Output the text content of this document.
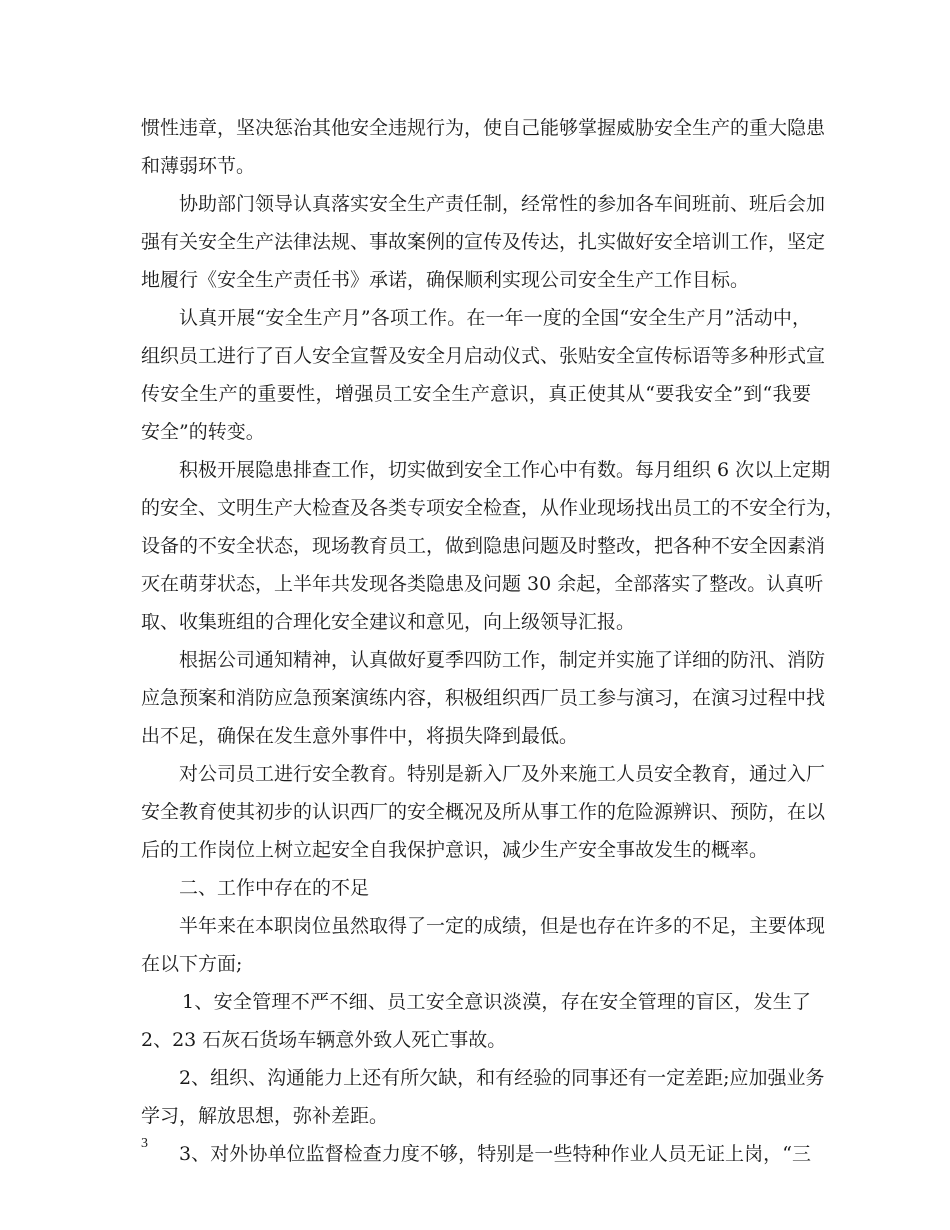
惯性违章，坚决惩治其他安全违规行为，使自己能够掌握威胁安全生产的重大隐患
和薄弱环节。
协助部门领导认真落实安全生产责任制，经常性的参加各车间班前、班后会加
强有关安全生产法律法规、事故案例的宣传及传达，扎实做好安全培训工作，坚定
地履行《安全生产责任书》承诺，确保顺利实现公司安全生产工作目标。
认真开展“安全生产月”各项工作。在一年一度的全国“安全生产月”活动中，
组织员工进行了百人安全宣誓及安全月启动仪式、张贴安全宣传标语等多种形式宣
传安全生产的重要性，增强员工安全生产意识，真正使其从“要我安全”到“我要
安全”的转变。
积极开展隐患排查工作，切实做到安全工作心中有数。每月组织 6 次以上定期
的安全、文明生产大检查及各类专项安全检查，从作业现场找出员工的不安全行为，
设备的不安全状态，现场教育员工，做到隐患问题及时整改，把各种不安全因素消
灭在萌芽状态，上半年共发现各类隐患及问题 30 余起，全部落实了整改。认真听
取、收集班组的合理化安全建议和意见，向上级领导汇报。
根据公司通知精神，认真做好夏季四防工作，制定并实施了详细的防汛、消防
应急预案和消防应急预案演练内容，积极组织西厂员工参与演习，在演习过程中找
出不足，确保在发生意外事件中，将损失降到最低。
对公司员工进行安全教育。特别是新入厂及外来施工人员安全教育，通过入厂
安全教育使其初步的认识西厂的安全概况及所从事工作的危险源辨识、预防，在以
后的工作岗位上树立起安全自我保护意识，减少生产安全事故发生的概率。
二、工作中存在的不足
半年来在本职岗位虽然取得了一定的成绩，但是也存在许多的不足，主要体现
在以下方面;
1、安全管理不严不细、员工安全意识淡漠，存在安全管理的盲区，发生了
2、23 石灰石货场车辆意外致人死亡事故。
2、组织、沟通能力上还有所欠缺，和有经验的同事还有一定差距;应加强业务
学习，解放思想，弥补差距。
3、对外协单位监督检查力度不够，特别是一些特种作业人员无证上岗，“三
3
